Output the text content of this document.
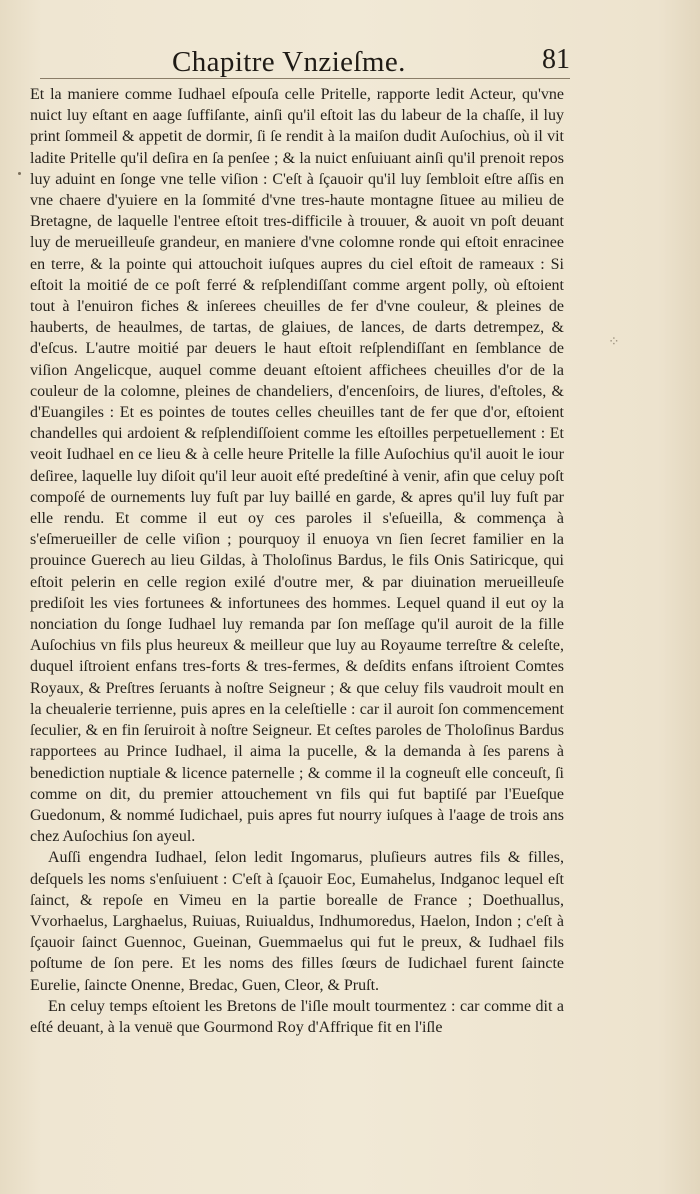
Chapitre Vnzieſme.	81
⁘

Et la maniere comme Iudhael eſpouſa celle Pritelle, rapporte ledit Acteur, qu'vne nuict luy eſtant en aage ſuffiſante, ainſi qu'il eſtoit las du labeur de la chaſſe, il luy print ſommeil & appetit de dormir, ſi ſe rendit à la maiſon dudit Auſochius, où il vit ladite Pritelle qu'il deſira en ſa penſee ; & la nuict enſuiuant ainſi qu'il prenoit repos luy aduint en ſonge vne telle viſion : C'eſt à ſçauoir qu'il luy ſembloit eſtre aſſis en vne chaere d'yuiere en la ſommité d'vne tres-haute montagne ſituee au milieu de Bretagne, de laquelle l'entree eſtoit tres-difficile à trouuer, & auoit vn poſt deuant luy de merueilleuſe grandeur, en maniere d'vne colomne ronde qui eſtoit enracinee en terre, & la pointe qui attouchoit iuſques aupres du ciel eſtoit de rameaux : Si eſtoit la moitié de ce poſt ferré & reſplendiſſant comme argent polly, où eſtoient tout à l'enuiron fiches & inſerees cheuilles de fer d'vne couleur, & pleines de hauberts, de heaulmes, de tartas, de glaiues, de lances, de darts detrempez, & d'eſcus. L'autre moitié par deuers le haut eſtoit reſplendiſſant en ſemblance de viſion Angelicque, auquel comme deuant eſtoient affichees cheuilles d'or de la couleur de la colomne, pleines de chandeliers, d'encenſoirs, de liures, d'eſtoles, & d'Euangiles : Et es pointes de toutes celles cheuilles tant de fer que d'or, eſtoient chandelles qui ardoient & reſplendiſſoient comme les eſtoilles perpetuellement : Et veoit Iudhael en ce lieu & à celle heure Pritelle la fille Auſochius qu'il auoit le iour deſiree, laquelle luy diſoit qu'il leur auoit eſté predeſtiné à venir, afin que celuy poſt compoſé de ournements luy fuſt par luy baillé en garde, & apres qu'il luy fuſt par elle rendu. Et comme il eut oy ces paroles il s'eſueilla, & commença à s'eſmerueiller de celle viſion ; pourquoy il enuoya vn ſien ſecret familier en la prouince Guerech au lieu Gildas, à Tholoſinus Bardus, le fils Onis Satiricque, qui eſtoit pelerin en celle region exilé d'outre mer, & par diuination merueilleuſe prediſoit les vies fortunees & infortunees des hommes. Lequel quand il eut oy la nonciation du ſonge Iudhael luy remanda par ſon meſſage qu'il auroit de la fille Auſochius vn fils plus heureux & meilleur que luy au Royaume terreſtre & celeſte, duquel iſtroient enfans tres-forts & tres-fermes, & deſdits enfans iſtroient Comtes Royaux, & Preſtres ſeruants à noſtre Seigneur ; & que celuy fils vaudroit moult en la cheualerie terrienne, puis apres en la celeſtielle : car il auroit ſon commencement ſeculier, & en fin ſeruiroit à noſtre Seigneur. Et ceſtes paroles de Tholoſinus Bardus rapportees au Prince Iudhael, il aima la pucelle, & la demanda à ſes parens à benediction nuptiale & licence paternelle ; & comme il la cogneuſt elle conceuſt, ſi comme on dit, du premier attouchement vn fils qui fut baptiſé par l'Eueſque Guedonum, & nommé Iudichael, puis apres fut nourry iuſques à l'aage de trois ans chez Auſochius ſon ayeul.

Auſſi engendra Iudhael, ſelon ledit Ingomarus, pluſieurs autres fils & filles, deſquels les noms s'enſuiuent : C'eſt à ſçauoir Eoc, Eumahelus, Indganoc lequel eſt ſainct, & repoſe en Vimeu en la partie borealle de France ; Doethuallus, Vvorhaelus, Larghaelus, Ruiuas, Ruiualdus, Indhumoredus, Haelon, Indon ; c'eſt à ſçauoir ſainct Guennoc, Gueinan, Guemmaelus qui fut le preux, & Iudhael fils poſtume de ſon pere. Et les noms des filles ſœurs de Iudichael furent ſaincte Eurelie, ſaincte Onenne, Bredac, Guen, Cleor, & Pruſt.

En celuy temps eſtoient les Bretons de l'iſle moult tourmentez : car comme dit a eſté deuant, à la venuë que Gourmond Roy d'Affrique fit en l'iſle
